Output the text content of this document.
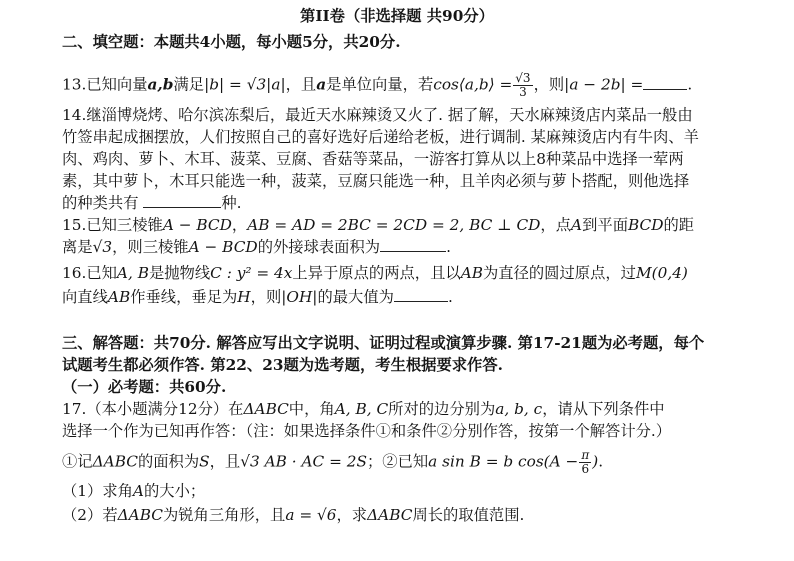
第II卷（非选择题 共90分）
二、填空题：本题共4小题，每小题5分，共20分.
13.已知向量a,b满足|b| = √3|a|，且a是单位向量，若cos⟨a,b⟩ = $\frac{√3}{3}$ ，则|a − 2b| =	.
14.继淄博烧烤、哈尔滨冻梨后，最近天水麻辣烫又火了. 据了解，天水麻辣烫店内菜品一般由
竹签串起成捆摆放，人们按照自己的喜好选好后递给老板，进行调制. 某麻辣烫店内有牛肉、羊
肉、鸡肉、萝卜、木耳、菠菜、豆腐、香菇等菜品，一游客打算从以上8种菜品中选择一荤两
素，其中萝卜，木耳只能选一种，菠菜，豆腐只能选一种，且羊肉必须与萝卜搭配，则他选择
的种类共有	种.
15.已知三棱锥A − BCD，AB = AD = 2BC = 2CD = 2, BC ⊥ CD，点A到平面BCD的距
离是√3，则三棱锥A − BCD的外接球表面积为	.
16.已知A, B是抛物线C : y² = 4x上异于原点的两点，且以AB为直径的圆过原点，过M(0,4)
向直线AB作垂线，垂足为H，则|OH|的最大值为	.
三、解答题：共70分. 解答应写出文字说明、证明过程或演算步骤. 第17-21题为必考题，每个
试题考生都必须作答. 第22、23题为选考题，考生根据要求作答.
（一）必考题：共60分.
17.（本小题满分12分）在ΔABC中，角A, B, C所对的边分别为a, b, c，请从下列条件中
选择一个作为已知再作答：（注：如果选择条件①和条件②分别作答，按第一个解答计分.）
①记ΔABC的面积为S，且√3 AB · AC = 2S；②已知a sin B = b $\cos(A - \frac{\pi}{6}$ ).
（1）求角A的大小；
（2）若ΔABC为锐角三角形，且a = √6，求ΔABC周长的取值范围.
